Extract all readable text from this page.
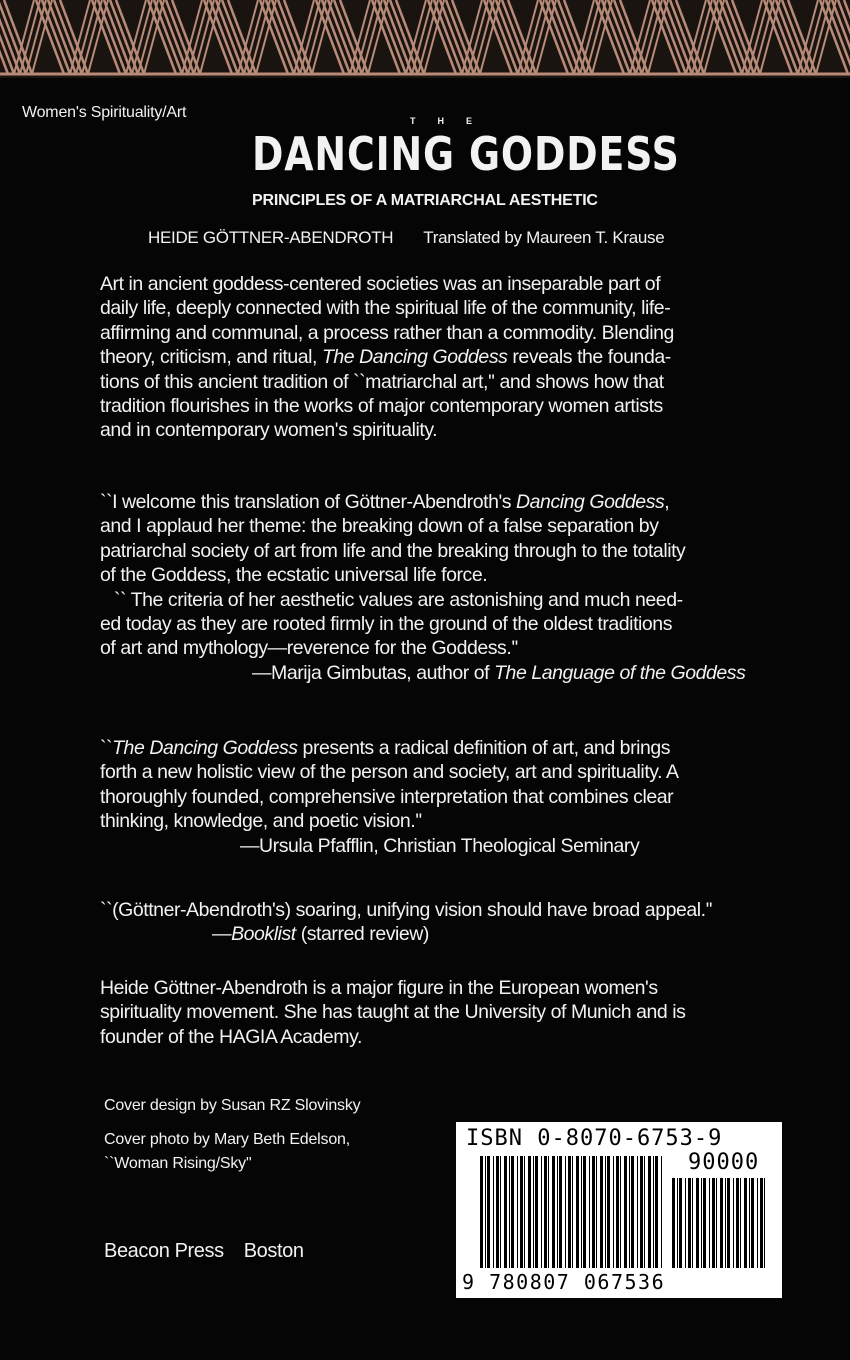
Women's Spirituality/Art	THE
DANCING GODDESS
PRINCIPLES OF A MATRIARCHAL AESTHETIC
HEIDE GÖTTNER-ABENDROTH Translated by Maureen T. Krause
Art in ancient goddess-centered societies was an inseparable part of
daily life, deeply connected with the spiritual life of the community, life-
affirming and communal, a process rather than a commodity. Blending
theory, criticism, and ritual, The Dancing Goddess reveals the founda-
tions of this ancient tradition of ``matriarchal art,'' and shows how that
tradition flourishes in the works of major contemporary women artists
and in contemporary women's spirituality.
``I welcome this translation of Göttner-Abendroth's Dancing Goddess,
and I applaud her theme: the breaking down of a false separation by
patriarchal society of art from life and the breaking through to the totality
of the Goddess, the ecstatic universal life force.
`` The criteria of her aesthetic values are astonishing and much need-
ed today as they are rooted firmly in the ground of the oldest traditions
of art and mythology—reverence for the Goddess.''
—Marija Gimbutas, author of The Language of the Goddess
``The Dancing Goddess presents a radical definition of art, and brings
forth a new holistic view of the person and society, art and spirituality. A
thoroughly founded, comprehensive interpretation that combines clear
thinking, knowledge, and poetic vision.''
—Ursula Pfafflin, Christian Theological Seminary
``(Göttner-Abendroth's) soaring, unifying vision should have broad appeal.''
—Booklist (starred review)
Heide Göttner-Abendroth is a major figure in the European women's
spirituality movement. She has taught at the University of Munich and is
founder of the HAGIA Academy.
Cover design by Susan RZ Slovinsky
Cover photo by Mary Beth Edelson,
``Woman Rising/Sky''
Beacon Press Boston
ISBN 0-8070-6753-9
90000
9 780807 067536
